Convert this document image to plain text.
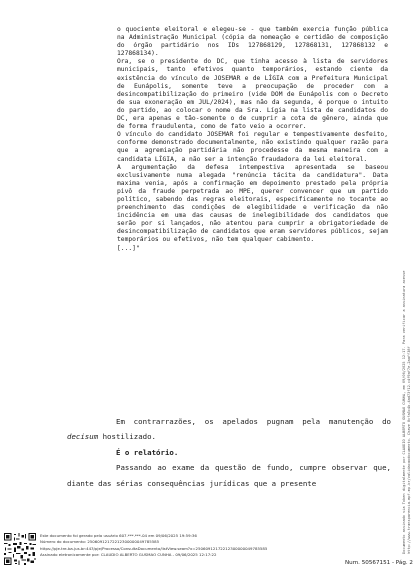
o quociente eleitoral e elegeu-se - que também exercia função pública na Administração Municipal (cópia da nomeação e certidão de composição do órgão partidário nos IDs 127868129, 127868131, 127868132 e 127868134).

Ora, se o presidente do DC, que tinha acesso à lista de servidores municipais, tanto efetivos quanto temporários, estando ciente da existência do vínculo de JOSEMAR e de LÍGIA com a Prefeitura Municipal de Eunápolis, somente teve a preocupação de proceder com a desincompatibilização do primeiro (vide DOM de Eunápolis com o Decreto de sua exoneração em JUL/2024), mas não da segunda, é porque o intuito do partido, ao colocar o nome da Sra. Lígia na lista de candidatos do DC, era apenas e tão-somente o de cumprir a cota de gênero, ainda que de forma fraudulenta, como de fato veio a ocorrer.

O vínculo do candidato JOSEMAR foi regular e tempestivamente desfeito, conforme demonstrado documentalmente, não existindo qualquer razão para que a agremiação partidária não procedesse da mesma maneira com a candidata LÍGIA, a não ser a intenção fraudadora da lei eleitoral.

A argumentação da defesa intempestiva apresentada se baseou exclusivamente numa alegada "renúncia tácita da candidatura". Data maxima venia, após a confirmação em depoimento prestado pela própria pivô da fraude perpetrada ao MPE, querer convencer que um partido político, sabendo das regras eleitorais, especificamente no tocante ao preenchimento das condições de elegibilidade e verificação da não incidência em uma das causas de inelegibilidade dos candidatos que serão por si lançados, não atentou para cumprir a obrigatoriedade de desincompatibilização de candidatos que eram servidores públicos, sejam temporários ou efetivos, não tem qualquer cabimento.

[...]"

Em contrarrazões, os apelados pugnam pela manutenção do decisum hostilizado.

É o relatório.

Passando ao exame da questão de fundo, cumpre observar que, diante das sérias consequências jurídicas que a presente	Documento assinado via Token digitalmente por CLAUDIO ALBERTO GUSMAO CUNHA, em 09/06/2025 12:17. Para verificar a assinatura acesse http://www.transparencia.mpf.mp.br/validacaodocumento. Chave 8cfa5c4b.4ad73f12.c4f9af7e.2aaff38f
Este documento foi gerado pelo usuário 607.***.***-04 em 09/06/2025 19:59:36
Número do documento: 25060912172212300000049785585
https://pje.tre-ba.jus.br:443/pje/Processo/ConsultaDocumento/listView.seam?x=25060912172212300000049785585
Assinado eletronicamente por: CLAUDIO ALBERTO GUSMAO CUNHA - 09/06/2025 12:17:22
Num. 50567151 - Pág. 2
